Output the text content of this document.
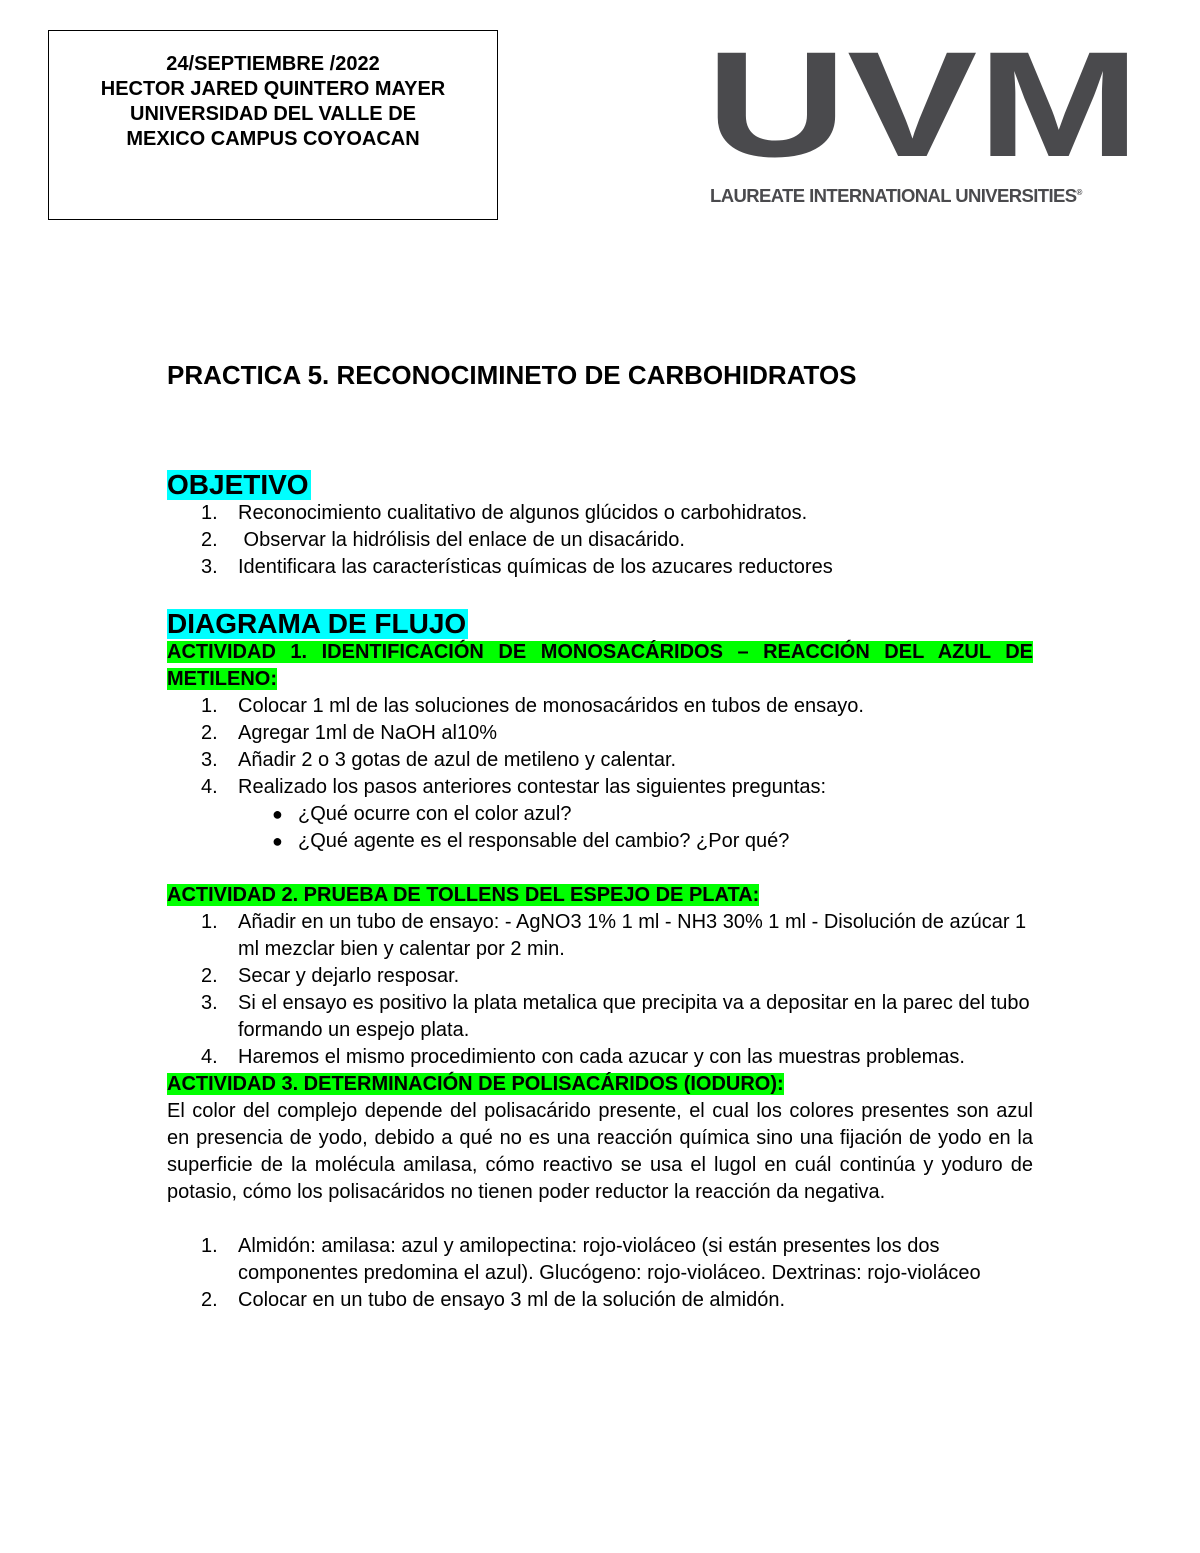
24/SEPTIEMBRE /2022
HECTOR JARED QUINTERO MAYER
UNIVERSIDAD DEL VALLE DE
MEXICO CAMPUS COYOACAN UVM
LAUREATE INTERNATIONAL UNIVERSITIES®
PRACTICA 5. RECONOCIMINETO DE CARBOHIDRATOS
OBJETIVO
1. Reconocimiento cualitativo de algunos glúcidos o carbohidratos.
2. Observar la hidrólisis del enlace de un disacárido.
3. Identificara las características químicas de los azucares reductores
DIAGRAMA DE FLUJO
ACTIVIDAD 1. IDENTIFICACIÓN DE MONOSACÁRIDOS – REACCIÓN DEL AZUL DE METILENO:
1. Colocar 1 ml de las soluciones de monosacáridos en tubos de ensayo.
2. Agregar 1ml de NaOH al10%
3. Añadir 2 o 3 gotas de azul de metileno y calentar.
4. Realizado los pasos anteriores contestar las siguientes preguntas:
● ¿Qué ocurre con el color azul?
● ¿Qué agente es el responsable del cambio? ¿Por qué?
ACTIVIDAD 2. PRUEBA DE TOLLENS DEL ESPEJO DE PLATA:
1. Añadir en un tubo de ensayo: - AgNO3 1% 1 ml - NH3 30% 1 ml - Disolución de azúcar 1 ml mezclar bien y calentar por 2 min.
2. Secar y dejarlo resposar.
3. Si el ensayo es positivo la plata metalica que precipita va a depositar en la parec del tubo formando un espejo plata.
4. Haremos el mismo procedimiento con cada azucar y con las muestras problemas.
ACTIVIDAD 3. DETERMINACIÓN DE POLISACÁRIDOS (IODURO):

El color del complejo depende del polisacárido presente, el cual los colores presentes son azul en presencia de yodo, debido a qué no es una reacción química sino una fijación de yodo en la superficie de la molécula amilasa, cómo reactivo se usa el lugol en cuál continúa y yoduro de potasio, cómo los polisacáridos no tienen poder reductor la reacción da negativa.

1. Almidón: amilasa: azul y amilopectina: rojo-violáceo (si están presentes los dos componentes predomina el azul). Glucógeno: rojo-violáceo. Dextrinas: rojo-violáceo
2. Colocar en un tubo de ensayo 3 ml de la solución de almidón.
